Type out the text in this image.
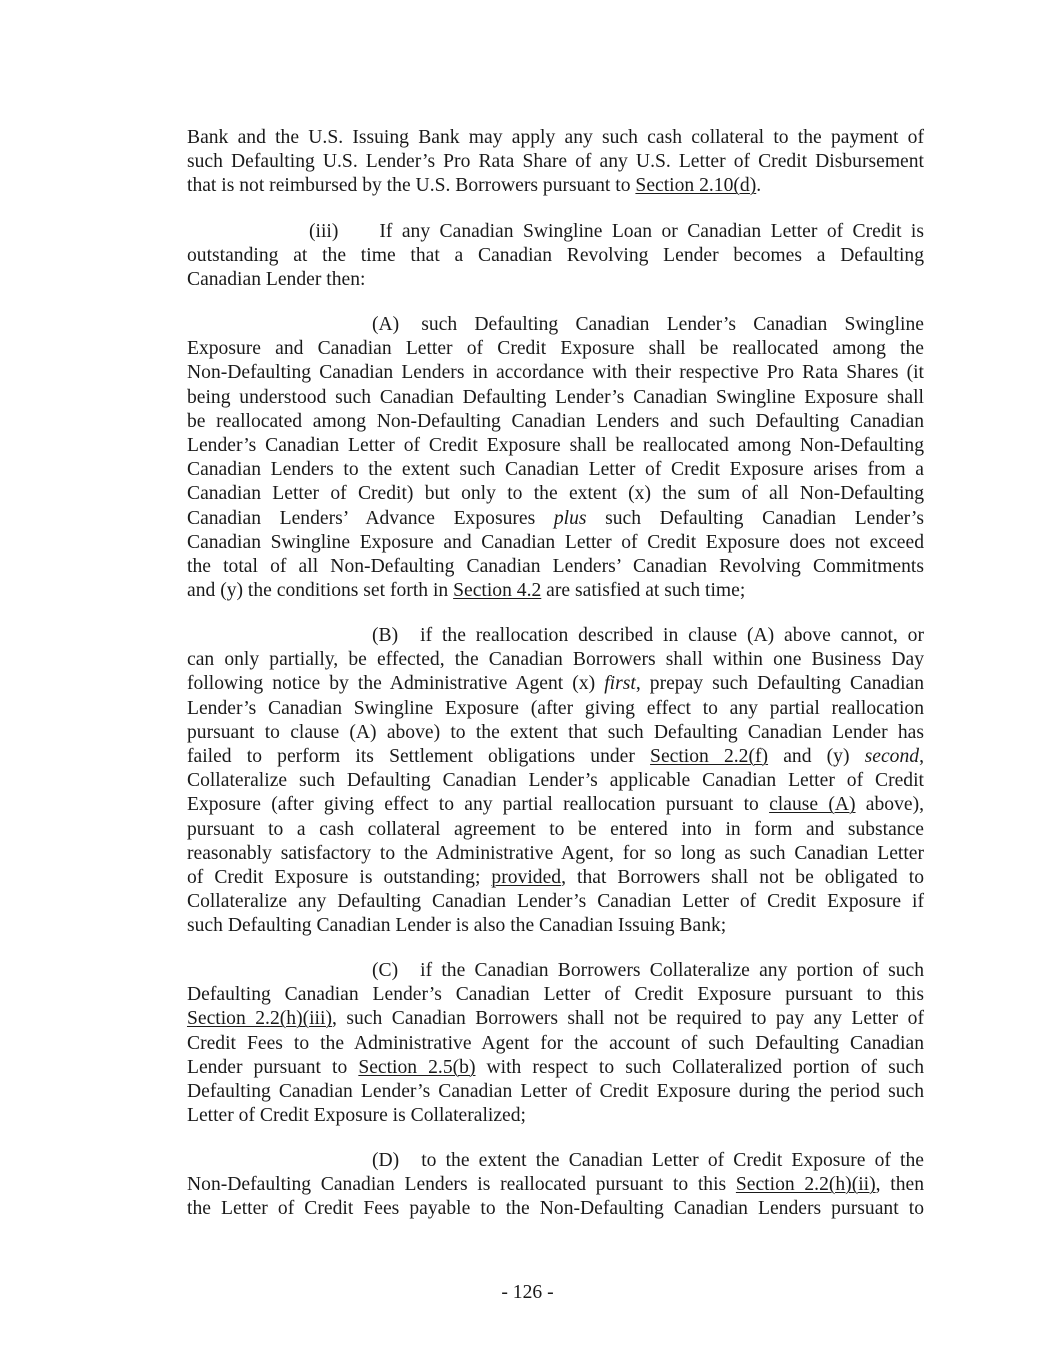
Bank and the U.S. Issuing Bank may apply any such cash collateral to the payment of
such Defaulting U.S. Lender’s Pro Rata Share of any U.S. Letter of Credit Disbursement
that is not reimbursed by the U.S. Borrowers pursuant to Section 2.10(d).

(iii) If any Canadian Swingline Loan or Canadian Letter of Credit is
outstanding at the time that a Canadian Revolving Lender becomes a Defaulting
Canadian Lender then:

(A) such Defaulting Canadian Lender’s Canadian Swingline
Exposure and Canadian Letter of Credit Exposure shall be reallocated among the
Non-Defaulting Canadian Lenders in accordance with their respective Pro Rata Shares (it
being understood such Canadian Defaulting Lender’s Canadian Swingline Exposure shall
be reallocated among Non-Defaulting Canadian Lenders and such Defaulting Canadian
Lender’s Canadian Letter of Credit Exposure shall be reallocated among Non-Defaulting
Canadian Lenders to the extent such Canadian Letter of Credit Exposure arises from a
Canadian Letter of Credit) but only to the extent (x) the sum of all Non-Defaulting
Canadian Lenders’ Advance Exposures plus such Defaulting Canadian Lender’s
Canadian Swingline Exposure and Canadian Letter of Credit Exposure does not exceed
the total of all Non-Defaulting Canadian Lenders’ Canadian Revolving Commitments
and (y) the conditions set forth in Section 4.2 are satisfied at such time;

(B) if the reallocation described in clause (A) above cannot, or
can only partially, be effected, the Canadian Borrowers shall within one Business Day
following notice by the Administrative Agent (x) first, prepay such Defaulting Canadian
Lender’s Canadian Swingline Exposure (after giving effect to any partial reallocation
pursuant to clause (A) above) to the extent that such Defaulting Canadian Lender has
failed to perform its Settlement obligations under Section 2.2(f) and (y) second,
Collateralize such Defaulting Canadian Lender’s applicable Canadian Letter of Credit
Exposure (after giving effect to any partial reallocation pursuant to clause (A) above),
pursuant to a cash collateral agreement to be entered into in form and substance
reasonably satisfactory to the Administrative Agent, for so long as such Canadian Letter
of Credit Exposure is outstanding; provided, that Borrowers shall not be obligated to
Collateralize any Defaulting Canadian Lender’s Canadian Letter of Credit Exposure if
such Defaulting Canadian Lender is also the Canadian Issuing Bank;

(C) if the Canadian Borrowers Collateralize any portion of such
Defaulting Canadian Lender’s Canadian Letter of Credit Exposure pursuant to this
Section 2.2(h)(iii), such Canadian Borrowers shall not be required to pay any Letter of
Credit Fees to the Administrative Agent for the account of such Defaulting Canadian
Lender pursuant to Section 2.5(b) with respect to such Collateralized portion of such
Defaulting Canadian Lender’s Canadian Letter of Credit Exposure during the period such
Letter of Credit Exposure is Collateralized;

(D) to the extent the Canadian Letter of Credit Exposure of the
Non-Defaulting Canadian Lenders is reallocated pursuant to this Section 2.2(h)(ii), then
the Letter of Credit Fees payable to the Non-Defaulting Canadian Lenders pursuant to

- 126 -
